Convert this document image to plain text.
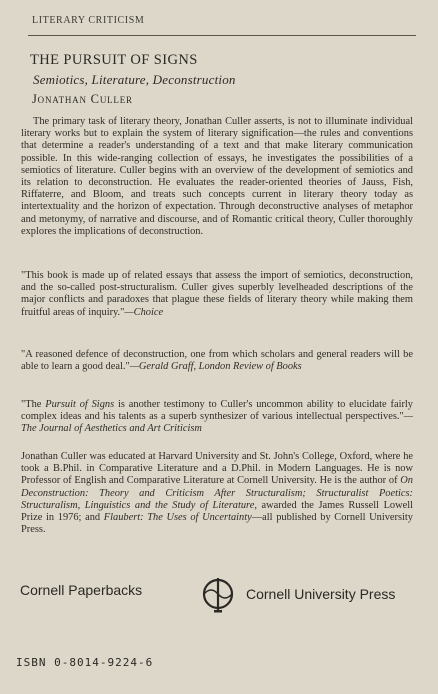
LITERARY CRITICISM
THE PURSUIT OF SIGNS
Semiotics, Literature, Deconstruction
Jonathan Culler

The primary task of literary theory, Jonathan Culler asserts, is not to illuminate individual literary works but to explain the system of literary signification—the rules and conventions that determine a reader's understanding of a text and that make literary communication possible. In this wide-ranging collection of essays, he investigates the possibilities of a semiotics of literature. Culler begins with an overview of the development of semiotics and its relation to deconstruction. He evaluates the reader-oriented theories of Jauss, Fish, Riffaterre, and Bloom, and treats such concepts current in literary theory today as intertextuality and the horizon of expectation. Through deconstructive analyses of metaphor and metonymy, of narrative and discourse, and of Romantic critical theory, Culler thoroughly explores the implications of deconstruction.

"This book is made up of related essays that assess the import of semiotics, deconstruction, and the so-called post-structuralism. Culler gives superbly levelheaded descriptions of the major conflicts and paradoxes that plague these fields of literary theory while making them fruitful areas of inquiry."—Choice

"A reasoned defence of deconstruction, one from which scholars and general readers will be able to learn a good deal."—Gerald Graff, London Review of Books

"The Pursuit of Signs is another testimony to Culler's uncommon ability to elucidate fairly complex ideas and his talents as a superb synthesizer of various intellectual perspectives."—The Journal of Aesthetics and Art Criticism

Jonathan Culler was educated at Harvard University and St. John's College, Oxford, where he took a B.Phil. in Comparative Literature and a D.Phil. in Modern Languages. He is now Professor of English and Comparative Literature at Cornell University. He is the author of On Deconstruction: Theory and Criticism After Structuralism; Structuralist Poetics: Structuralism, Linguistics and the Study of Literature, awarded the James Russell Lowell Prize in 1976; and Flaubert: The Uses of Uncertainty—all published by Cornell University Press.

Cornell Paperbacks	Cornell University Press
ISBN 0-8014-9224-6
